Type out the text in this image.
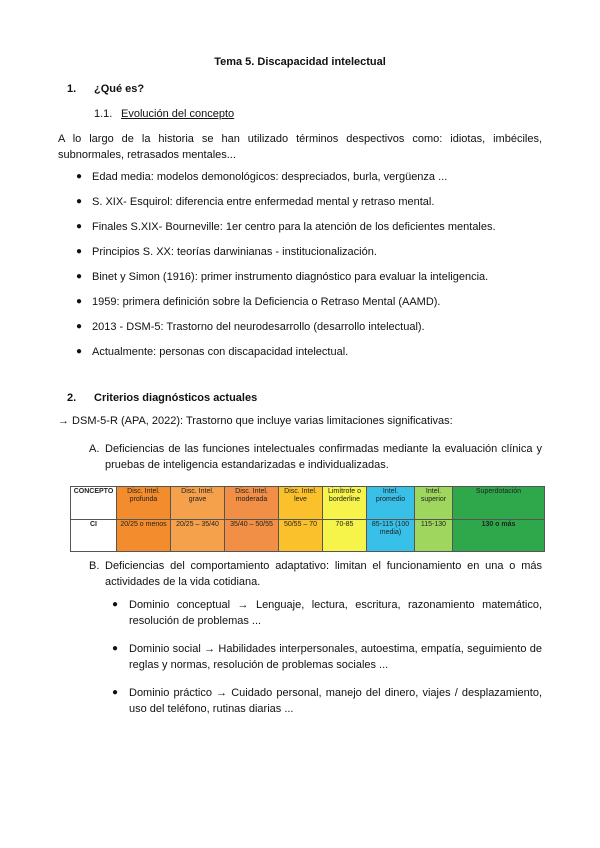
Tema 5. Discapacidad intelectual
1. ¿Qué es?
1.1. Evolución del concepto
A lo largo de la historia se han utilizado términos despectivos como: idiotas, imbéciles, subnormales, retrasados mentales...
● Edad media: modelos demonológicos: despreciados, burla, vergüenza ...
● S. XIX- Esquirol: diferencia entre enfermedad mental y retraso mental.
● Finales S.XIX- Bourneville: 1er centro para la atención de los deficientes mentales.
● Principios S. XX: teorías darwinianas - institucionalización.
● Binet y Simon (1916): primer instrumento diagnóstico para evaluar la inteligencia.
● 1959: primera definición sobre la Deficiencia o Retraso Mental (AAMD).
● 2013 - DSM-5: Trastorno del neurodesarrollo (desarrollo intelectual).
● Actualmente: personas con discapacidad intelectual.
2. Criterios diagnósticos actuales
→ DSM-5-R (APA, 2022): Trastorno que incluye varias limitaciones significativas:
A. Deficiencias de las funciones intelectuales confirmadas mediante la evaluación clínica y pruebas de inteligencia estandarizadas e individualizadas.
CONCEPTO	Disc. Intel. profunda	Disc. Intel. grave	Disc. Intel. moderada	Disc. Intel. leve	Limítrofe o borderline	Intel. promedio	Intel. superior	Superdotación
CI	20/25 o menos	20/25 – 35/40	35/40 – 50/55	50/55 – 70	70-85	85-115 (100 media)	115-130	130 o más
B. Deficiencias del comportamiento adaptativo: limitan el funcionamiento en una o más actividades de la vida cotidiana.
● Dominio conceptual → Lenguaje, lectura, escritura, razonamiento matemático, resolución de problemas ...
● Dominio social → Habilidades interpersonales, autoestima, empatía, seguimiento de reglas y normas, resolución de problemas sociales ...
● Dominio práctico → Cuidado personal, manejo del dinero, viajes / desplazamiento, uso del teléfono, rutinas diarias ...
